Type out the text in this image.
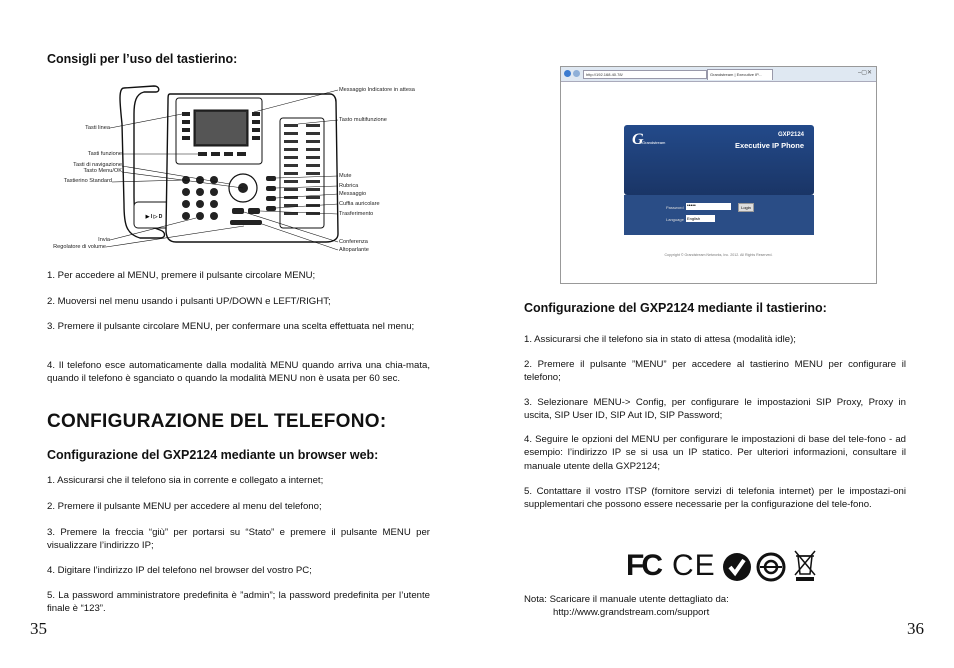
Consigli per l’uso del tastierino:
▶ I ▷ D
Tasti linea
Tasti funzione
Tasti di navigazione
Tasto Menu/OK
Tastierino Standard
Invia
Regolatore di volume
Messaggio Indicatore in attesa
Tasto multifunzione
Mute
Rubrica
Messaggio
Cuffia auricolare
Trasferimento
Conferenza
Altoparlante
1. Per accedere al MENU, premere il pulsante circolare MENU;
2. Muoversi nel menu usando i pulsanti UP/DOWN e LEFT/RIGHT;
3. Premere il pulsante circolare MENU, per confermare una scelta effettuata nel menu;
4. Il telefono esce automaticamente dalla modalità MENU quando arriva una chia-mata, quando il telefono è sganciato o quando la modalità MENU non è usata per 60 sec.
CONFIGURAZIONE DEL TELEFONO:
Configurazione del GXP2124 mediante un browser web:
1. Assicurarsi che il telefono sia in corrente e collegato a internet;
2. Premere il pulsante MENU per accedere al menu del telefono;
3. Premere la freccia “giù” per portarsi su “Stato” e premere il pulsante MENU per visualizzare l’indirizzo IP;
4. Digitare l’indirizzo IP del telefono nel browser del vostro PC;
5. La password amministratore predefinita è ”admin”; la password predefinita per l’utente finale è “123”.
35
http://192.168.40.78/	Grandstream | Executive IP...	–▢✕
G
Grandstream
GXP2124
Executive IP Phone
Password •••••	Login
Language English
Copyright © Grandstream Networks, Inc. 2012. All Rights Reserved.
Configurazione del GXP2124 mediante il tastierino:
1. Assicurarsi che il telefono sia in stato di attesa (modalità idle);
2. Premere il pulsante ”MENU” per accedere al tastierino MENU per configurare il telefono;
3. Selezionare MENU-> Config, per configurare le impostazioni SIP Proxy, Proxy in uscita, SIP User ID, SIP Aut ID, SIP Password;
4. Seguire le opzioni del MENU per configurare le impostazioni di base del tele-fono - ad esempio: l’indirizzo IP se si usa un IP statico. Per ulteriori informazioni, consultare il manuale utente della GXP2124;
5. Contattare il vostro ITSP (fornitore servizi di telefonia internet) per le impostazi-oni supplementari che possono essere necessarie per la configurazione del tele-fono.
FC CE
Nota: Scaricare il manuale utente dettagliato da:
http://www.grandstream.com/support
36
